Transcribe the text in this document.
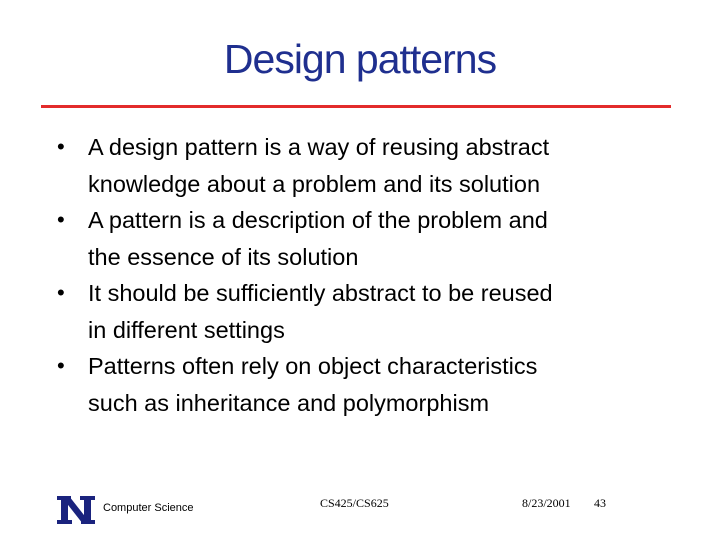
Design patterns
• A design pattern is a way of reusing abstract
knowledge about a problem and its solution
• A pattern is a description of the problem and
the essence of its solution
• It should be sufficiently abstract to be reused
in different settings
• Patterns often rely on object characteristics
such as inheritance and polymorphism
Computer Science	CS425/CS625	8/23/2001 43
